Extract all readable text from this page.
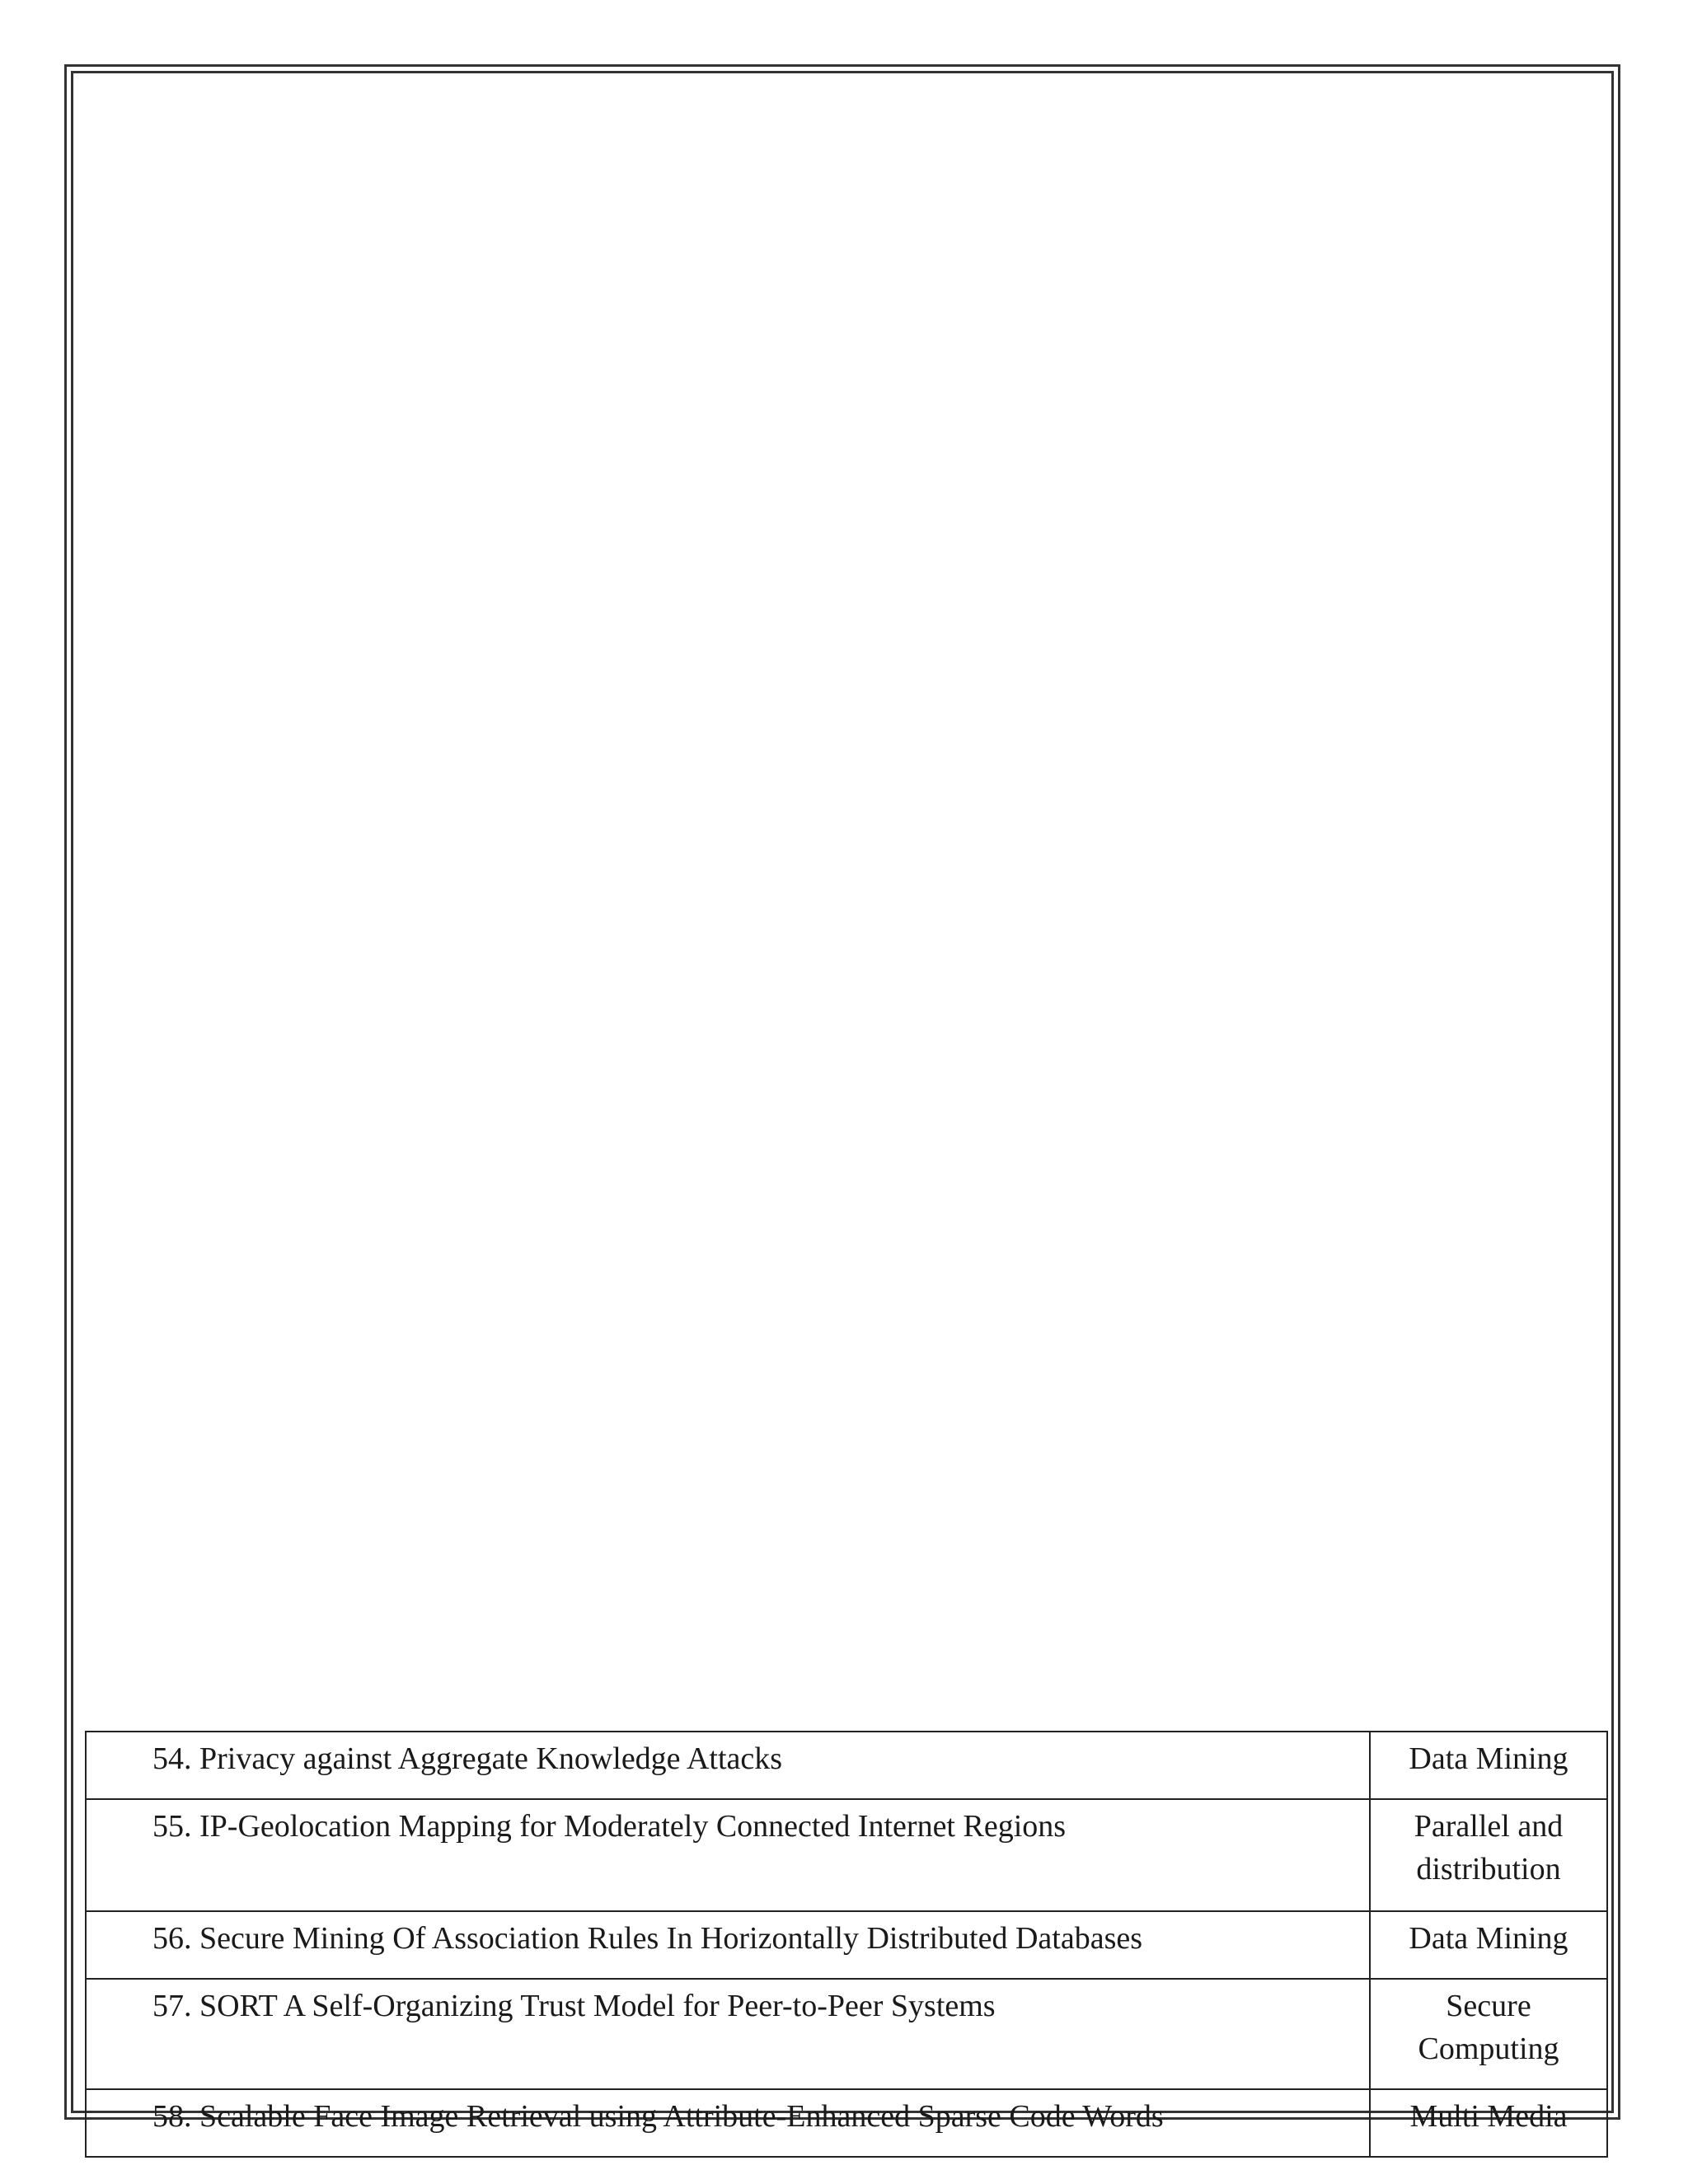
54. Privacy against Aggregate Knowledge Attacks	Data Mining
55. IP-Geolocation Mapping for Moderately Connected Internet Regions	Parallel and
distribution
56. Secure Mining Of Association Rules In Horizontally Distributed Databases	Data Mining
57. SORT A Self-Organizing Trust Model for Peer-to-Peer Systems	Secure Computing
58. Scalable Face Image Retrieval using Attribute-Enhanced Sparse Code Words	Multi Media
